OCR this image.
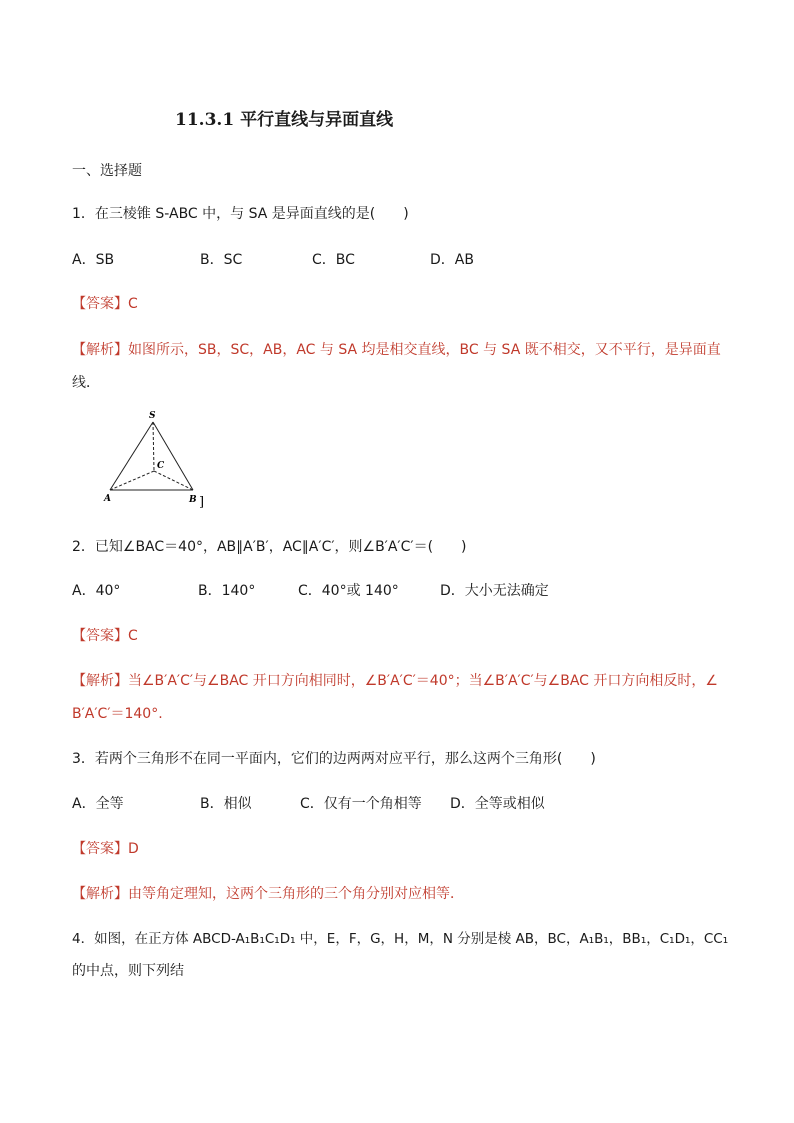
11.3.1 平行直线与异面直线
一、选择题
1．在三棱锥 S-ABC 中，与 SA 是异面直线的是(　　)
A．SB	B．SC	C．BC	D．AB
【答案】C
【解析】如图所示，SB，SC，AB，AC 与 SA 均是相交直线，BC 与 SA 既不相交，又不平行，是异面直
线．
S
C
A	B ]
2．已知∠BAC＝40°，AB∥A′B′，AC∥A′C′，则∠B′A′C′＝(　　)
A．40°	B．140°	C．40°或 140°	D．大小无法确定
【答案】C
【解析】当∠B′A′C′与∠BAC 开口方向相同时，∠B′A′C′＝40°；当∠B′A′C′与∠BAC 开口方向相反时，∠
B′A′C′＝140°.
3．若两个三角形不在同一平面内，它们的边两两对应平行，那么这两个三角形(　　)
A．全等	B．相似	C．仅有一个角相等 D．全等或相似
【答案】D
【解析】由等角定理知，这两个三角形的三个角分别对应相等．
4．如图，在正方体 ABCD-A₁B₁C₁D₁ 中，E，F，G，H，M，N 分别是棱 AB，BC，A₁B₁，BB₁，C₁D₁，CC₁
的中点，则下列结
